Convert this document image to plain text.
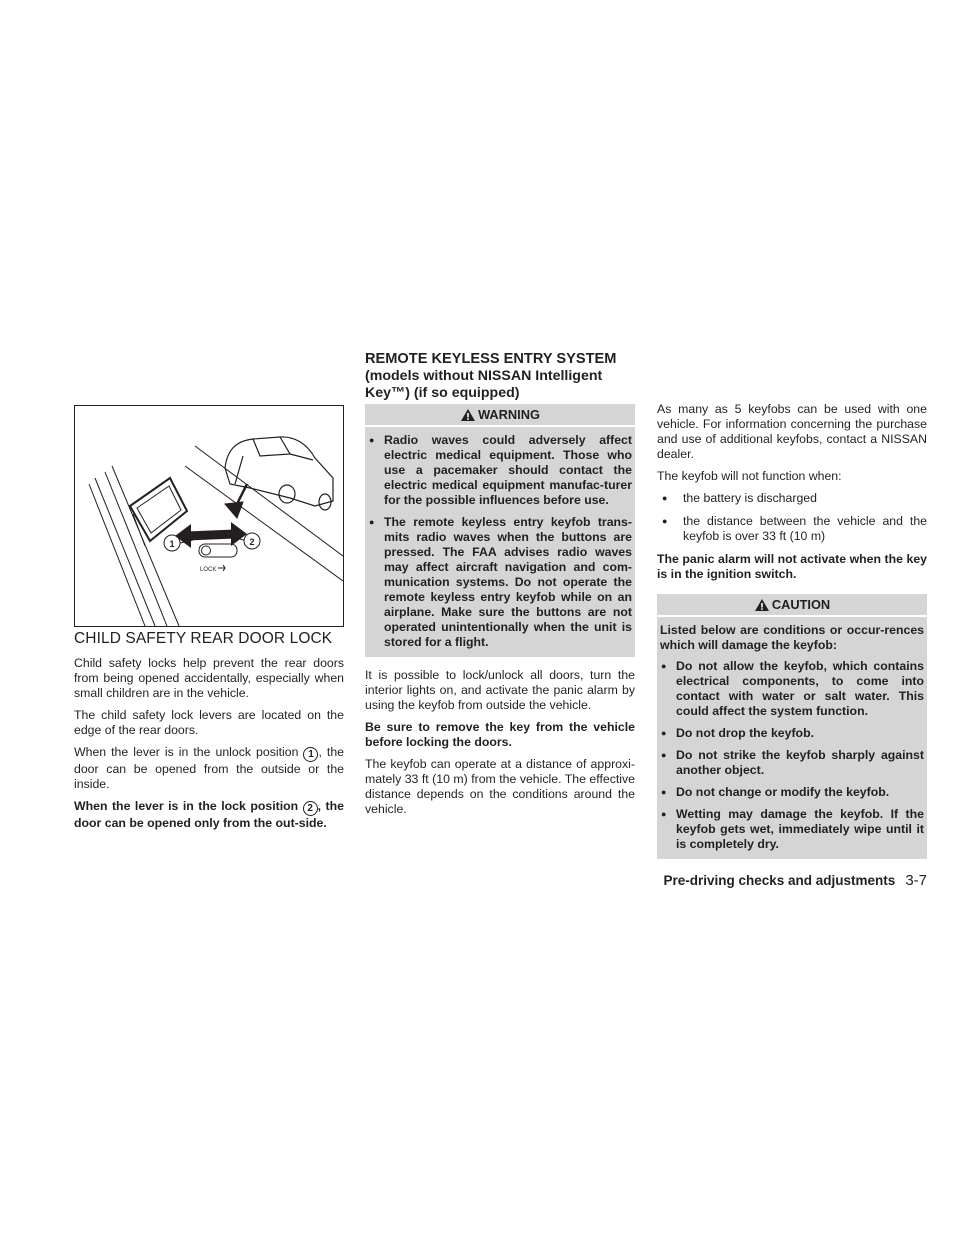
1	2
LOCK
CHILD SAFETY REAR DOOR LOCK

Child safety locks help prevent the rear doors from being opened accidentally, especially when small children are in the vehicle.

The child safety lock levers are located on the edge of the rear doors.

When the lever is in the unlock position 1 , the door can be opened from the outside or the inside.

When the lever is in the lock position 2 , the door can be opened only from the out-side.

REMOTE KEYLESS ENTRY SYSTEM
(models without NISSAN Intelligent
Key™) (if so equipped)
WARNING
● Radio waves could adversely affect electric medical equipment. Those who use a pacemaker should contact the electric medical equipment manufac-turer for the possible influences before use.
● The remote keyless entry keyfob trans-mits radio waves when the buttons are pressed. The FAA advises radio waves may affect aircraft navigation and com-munication systems. Do not operate the remote keyless entry keyfob while on an airplane. Make sure the buttons are not operated unintentionally when the unit is stored for a flight.

It is possible to lock/unlock all doors, turn the interior lights on, and activate the panic alarm by using the keyfob from outside the vehicle.

Be sure to remove the key from the vehicle before locking the doors.

The keyfob can operate at a distance of approxi-mately 33 ft (10 m) from the vehicle. The effective distance depends on the conditions around the vehicle.

As many as 5 keyfobs can be used with one vehicle. For information concerning the purchase and use of additional keyfobs, contact a NISSAN dealer.

The keyfob will not function when:

● the battery is discharged
● the distance between the vehicle and the keyfob is over 33 ft (10 m)

The panic alarm will not activate when the key is in the ignition switch.

CAUTION

Listed below are conditions or occur-rences which will damage the keyfob:

● Do not allow the keyfob, which contains electrical components, to come into contact with water or salt water. This could affect the system function.
● Do not drop the keyfob.
● Do not strike the keyfob sharply against another object.
● Do not change or modify the keyfob.
● Wetting may damage the keyfob. If the keyfob gets wet, immediately wipe until it is completely dry.
Pre-driving checks and adjustments 3-7
